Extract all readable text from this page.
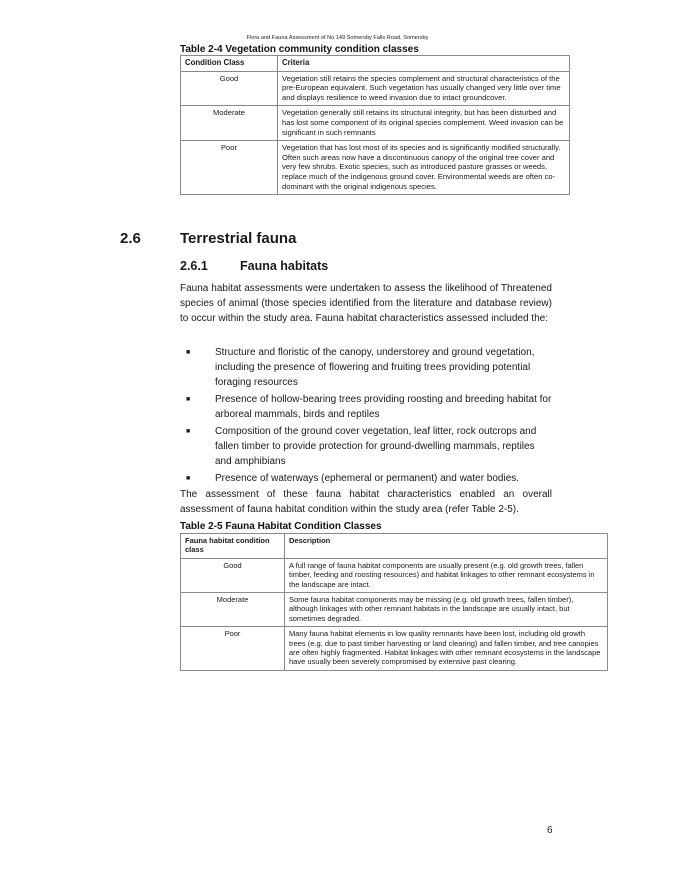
Flora and Fauna Assessment of No 149 Somersby Falls Road, Somersby
Table 2-4 Vegetation community condition classes
Condition Class	Criteria
Good	Vegetation still retains the species complement and structural characteristics of the pre-European equivalent. Such vegetation has usually changed very little over time and displays resilience to weed invasion due to intact groundcover.
Moderate	Vegetation generally still retains its structural integrity, but has been disturbed and has lost some component of its original species complement. Weed invasion can be significant in such remnants
Poor	Vegetation that has lost most of its species and is significantly modified structurally. Often such areas now have a discontinuous canopy of the original tree cover and very few shrubs. Exotic species, such as introduced pasture grasses or weeds, replace much of the indigenous ground cover. Environmental weeds are often co-dominant with the original indigenous species.
2.6	Terrestrial fauna
2.6.1	Fauna habitats

Fauna habitat assessments were undertaken to assess the likelihood of Threatened species of animal (those species identified from the literature and database review) to occur within the study area. Fauna habitat characteristics assessed included the:

■ Structure and floristic of the canopy, understorey and ground vegetation, including the presence of flowering and fruiting trees providing potential foraging resources
■ Presence of hollow-bearing trees providing roosting and breeding habitat for arboreal mammals, birds and reptiles
■ Composition of the ground cover vegetation, leaf litter, rock outcrops and fallen timber to provide protection for ground-dwelling mammals, reptiles and amphibians
■ Presence of waterways (ephemeral or permanent) and water bodies.

The assessment of these fauna habitat characteristics enabled an overall assessment of fauna habitat condition within the study area (refer Table 2-5).

Table 2-5 Fauna Habitat Condition Classes
Fauna habitat condition class	Description
Good	A full range of fauna habitat components are usually present (e.g. old growth trees, fallen timber, feeding and roosting resources) and habitat linkages to other remnant ecosystems in the landscape are intact.
Moderate	Some fauna habitat components may be missing (e.g. old growth trees, fallen timber), although linkages with other remnant habitats in the landscape are usually intact, but sometimes degraded.
Poor	Many fauna habitat elements in low quality remnants have been lost, including old growth trees (e.g. due to past timber harvesting or land clearing) and fallen timber, and tree canopies are often highly fragmented. Habitat linkages with other remnant ecosystems in the landscape have usually been severely compromised by extensive past clearing.
6
